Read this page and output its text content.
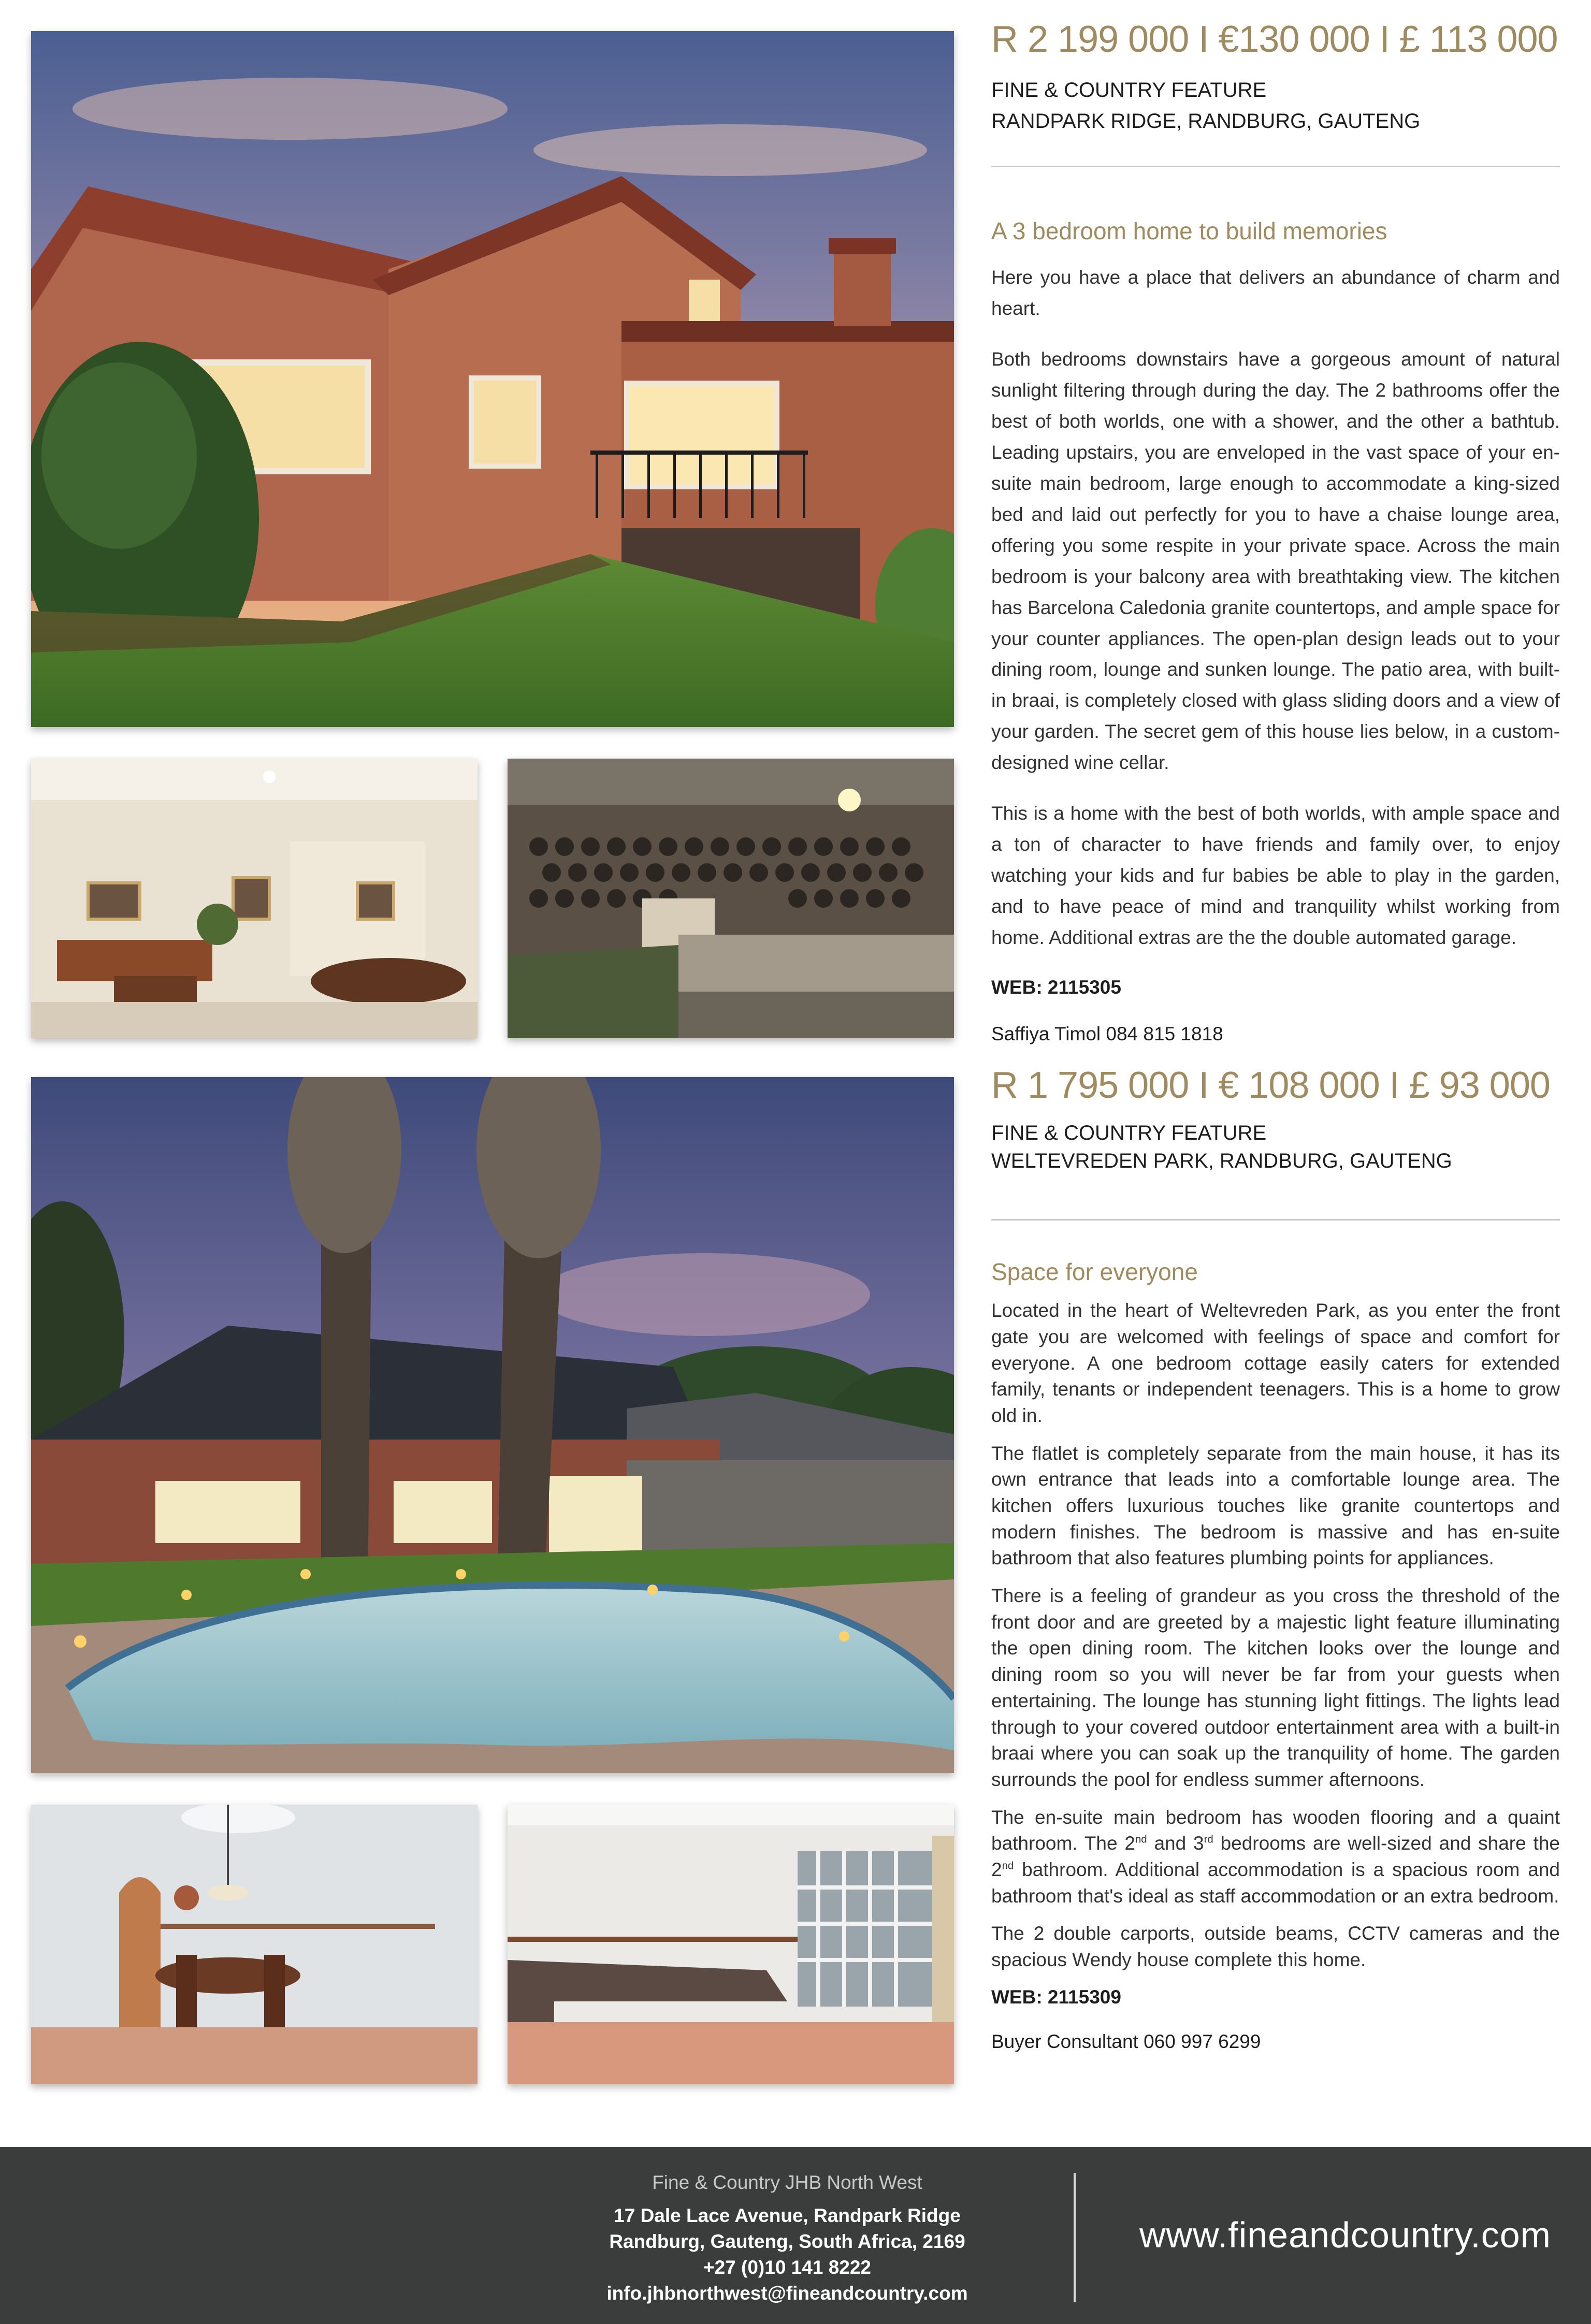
R 2 199 000 I €130 000 I £ 113 000
FINE & COUNTRY FEATURE
RANDPARK RIDGE, RANDBURG, GAUTENG
A 3 bedroom home to build memories

Here you have a place that delivers an abundance of charm and heart.

Both bedrooms downstairs have a gorgeous amount of natural sunlight filtering through during the day. The 2 bathrooms offer the best of both worlds, one with a shower, and the other a bathtub. Leading upstairs, you are enveloped in the vast space of your en-suite main bedroom, large enough to accommodate a king-sized bed and laid out perfectly for you to have a chaise lounge area, offering you some respite in your private space. Across the main bedroom is your balcony area with breathtaking view. The kitchen has Barcelona Caledonia granite countertops, and ample space for your counter appliances. The open-plan design leads out to your dining room, lounge and sunken lounge. The patio area, with built-in braai, is completely closed with glass sliding doors and a view of your garden. The secret gem of this house lies below, in a custom-designed wine cellar.

This is a home with the best of both worlds, with ample space and a ton of character to have friends and family over, to enjoy watching your kids and fur babies be able to play in the garden, and to have peace of mind and tranquility whilst working from home. Additional extras are the the double automated garage.

WEB: 2115305
Saffiya Timol 084 815 1818
R 1 795 000 I € 108 000 I £ 93 000
FINE & COUNTRY FEATURE
WELTEVREDEN PARK, RANDBURG, GAUTENG
Space for everyone

Located in the heart of Weltevreden Park, as you enter the front gate you are welcomed with feelings of space and comfort for everyone. A one bedroom cottage easily caters for extended family, tenants or independent teenagers. This is a home to grow old in.

The flatlet is completely separate from the main house, it has its own entrance that leads into a comfortable lounge area. The kitchen offers luxurious touches like granite countertops and modern finishes. The bedroom is massive and has en-suite bathroom that also features plumbing points for appliances.

There is a feeling of grandeur as you cross the threshold of the front door and are greeted by a majestic light feature illuminating the open dining room. The kitchen looks over the lounge and dining room so you will never be far from your guests when entertaining. The lounge has stunning light fittings. The lights lead through to your covered outdoor entertainment area with a built-in braai where you can soak up the tranquility of home. The garden surrounds the pool for endless summer afternoons.

The en-suite main bedroom has wooden flooring and a quaint bathroom. The 2nd and 3rd bedrooms are well-sized and share the 2nd bathroom. Additional accommodation is a spacious room and bathroom that's ideal as staff accommodation or an extra bedroom.

The 2 double carports, outside beams, CCTV cameras and the spacious Wendy house complete this home.

WEB: 2115309
Buyer Consultant 060 997 6299
Fine & Country JHB North West
17 Dale Lace Avenue, Randpark Ridge
Randburg, Gauteng, South Africa, 2169
+27 (0)10 141 8222
info.jhbnorthwest@fineandcountry.com
www.fineandcountry.com
